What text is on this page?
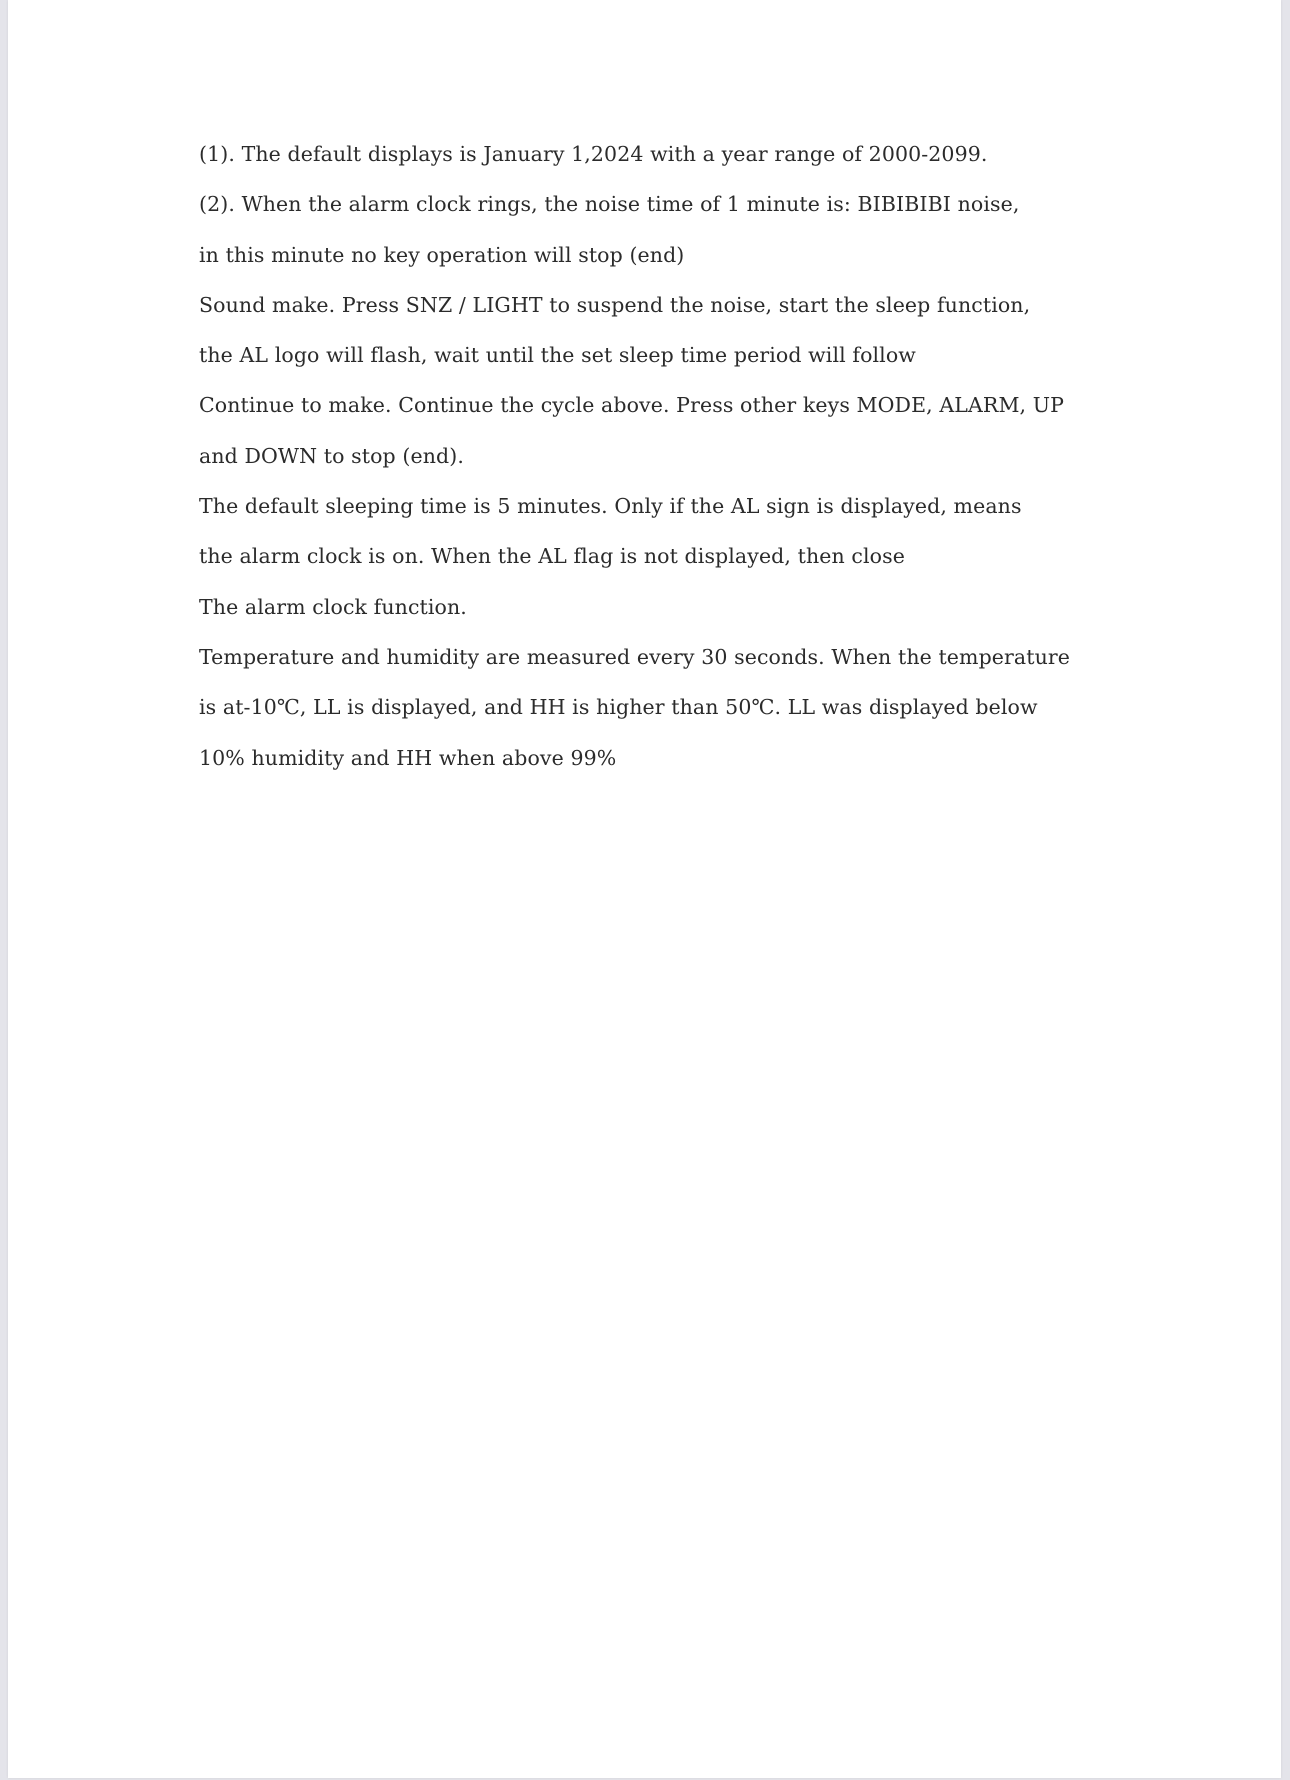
(1). The default displays is January 1,2024 with a year range of 2000-2099.
(2). When the alarm clock rings, the noise time of 1 minute is: BIBIBIBI noise,
in this minute no key operation will stop (end)
Sound make. Press SNZ / LIGHT to suspend the noise, start the sleep function,
the AL logo will flash, wait until the set sleep time period will follow
Continue to make. Continue the cycle above. Press other keys MODE, ALARM, UP
and DOWN to stop (end).
The default sleeping time is 5 minutes. Only if the AL sign is displayed, means
the alarm clock is on. When the AL flag is not displayed, then close
The alarm clock function.
Temperature and humidity are measured every 30 seconds. When the temperature
is at-10℃, LL is displayed, and HH is higher than 50℃. LL was displayed below
10% humidity and HH when above 99%
